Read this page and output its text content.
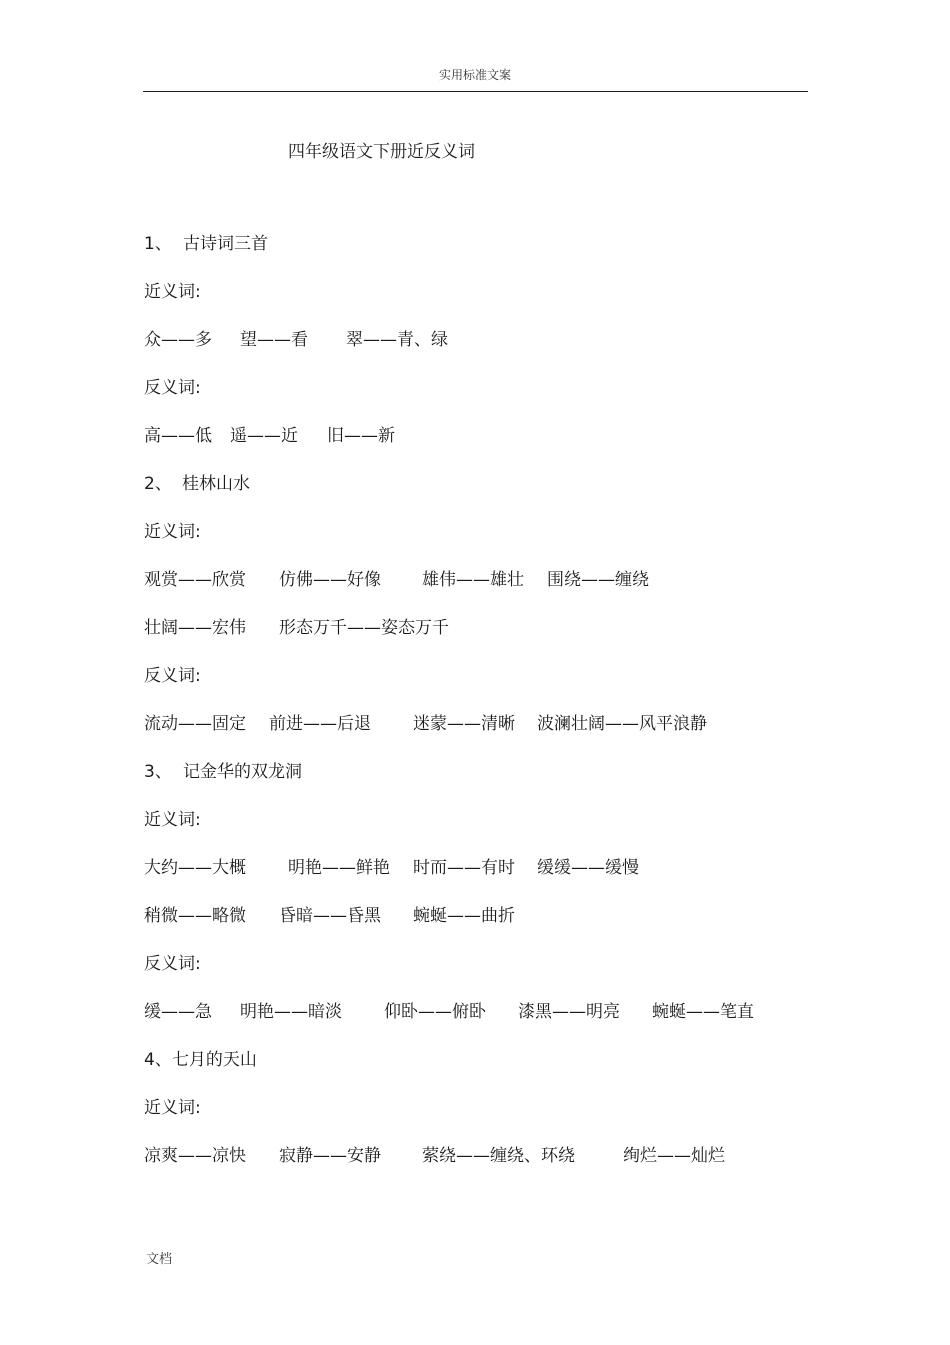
实用标准文案
四年级语文下册近反义词
1、 古诗词三首
近义词:
众——多 望——看 翠——青、绿
反义词:
高——低 遥——近 旧——新
2、 桂林山水
近义词:
观赏——欣赏 仿佛——好像 雄伟——雄壮 围绕——缠绕
壮阔——宏伟 形态万千——姿态万千
反义词:
流动——固定 前进——后退 迷蒙——清晰 波澜壮阔——风平浪静
3、 记金华的双龙洞
近义词:
大约——大概 明艳——鲜艳 时而——有时 缓缓——缓慢
稍微——略微 昏暗——昏黑 蜿蜒——曲折
反义词:
缓——急 明艳——暗淡 仰卧——俯卧 漆黑——明亮 蜿蜒——笔直
4、七月的天山
近义词:
凉爽——凉快 寂静——安静 萦绕——缠绕、环绕	绚烂——灿烂
文档
